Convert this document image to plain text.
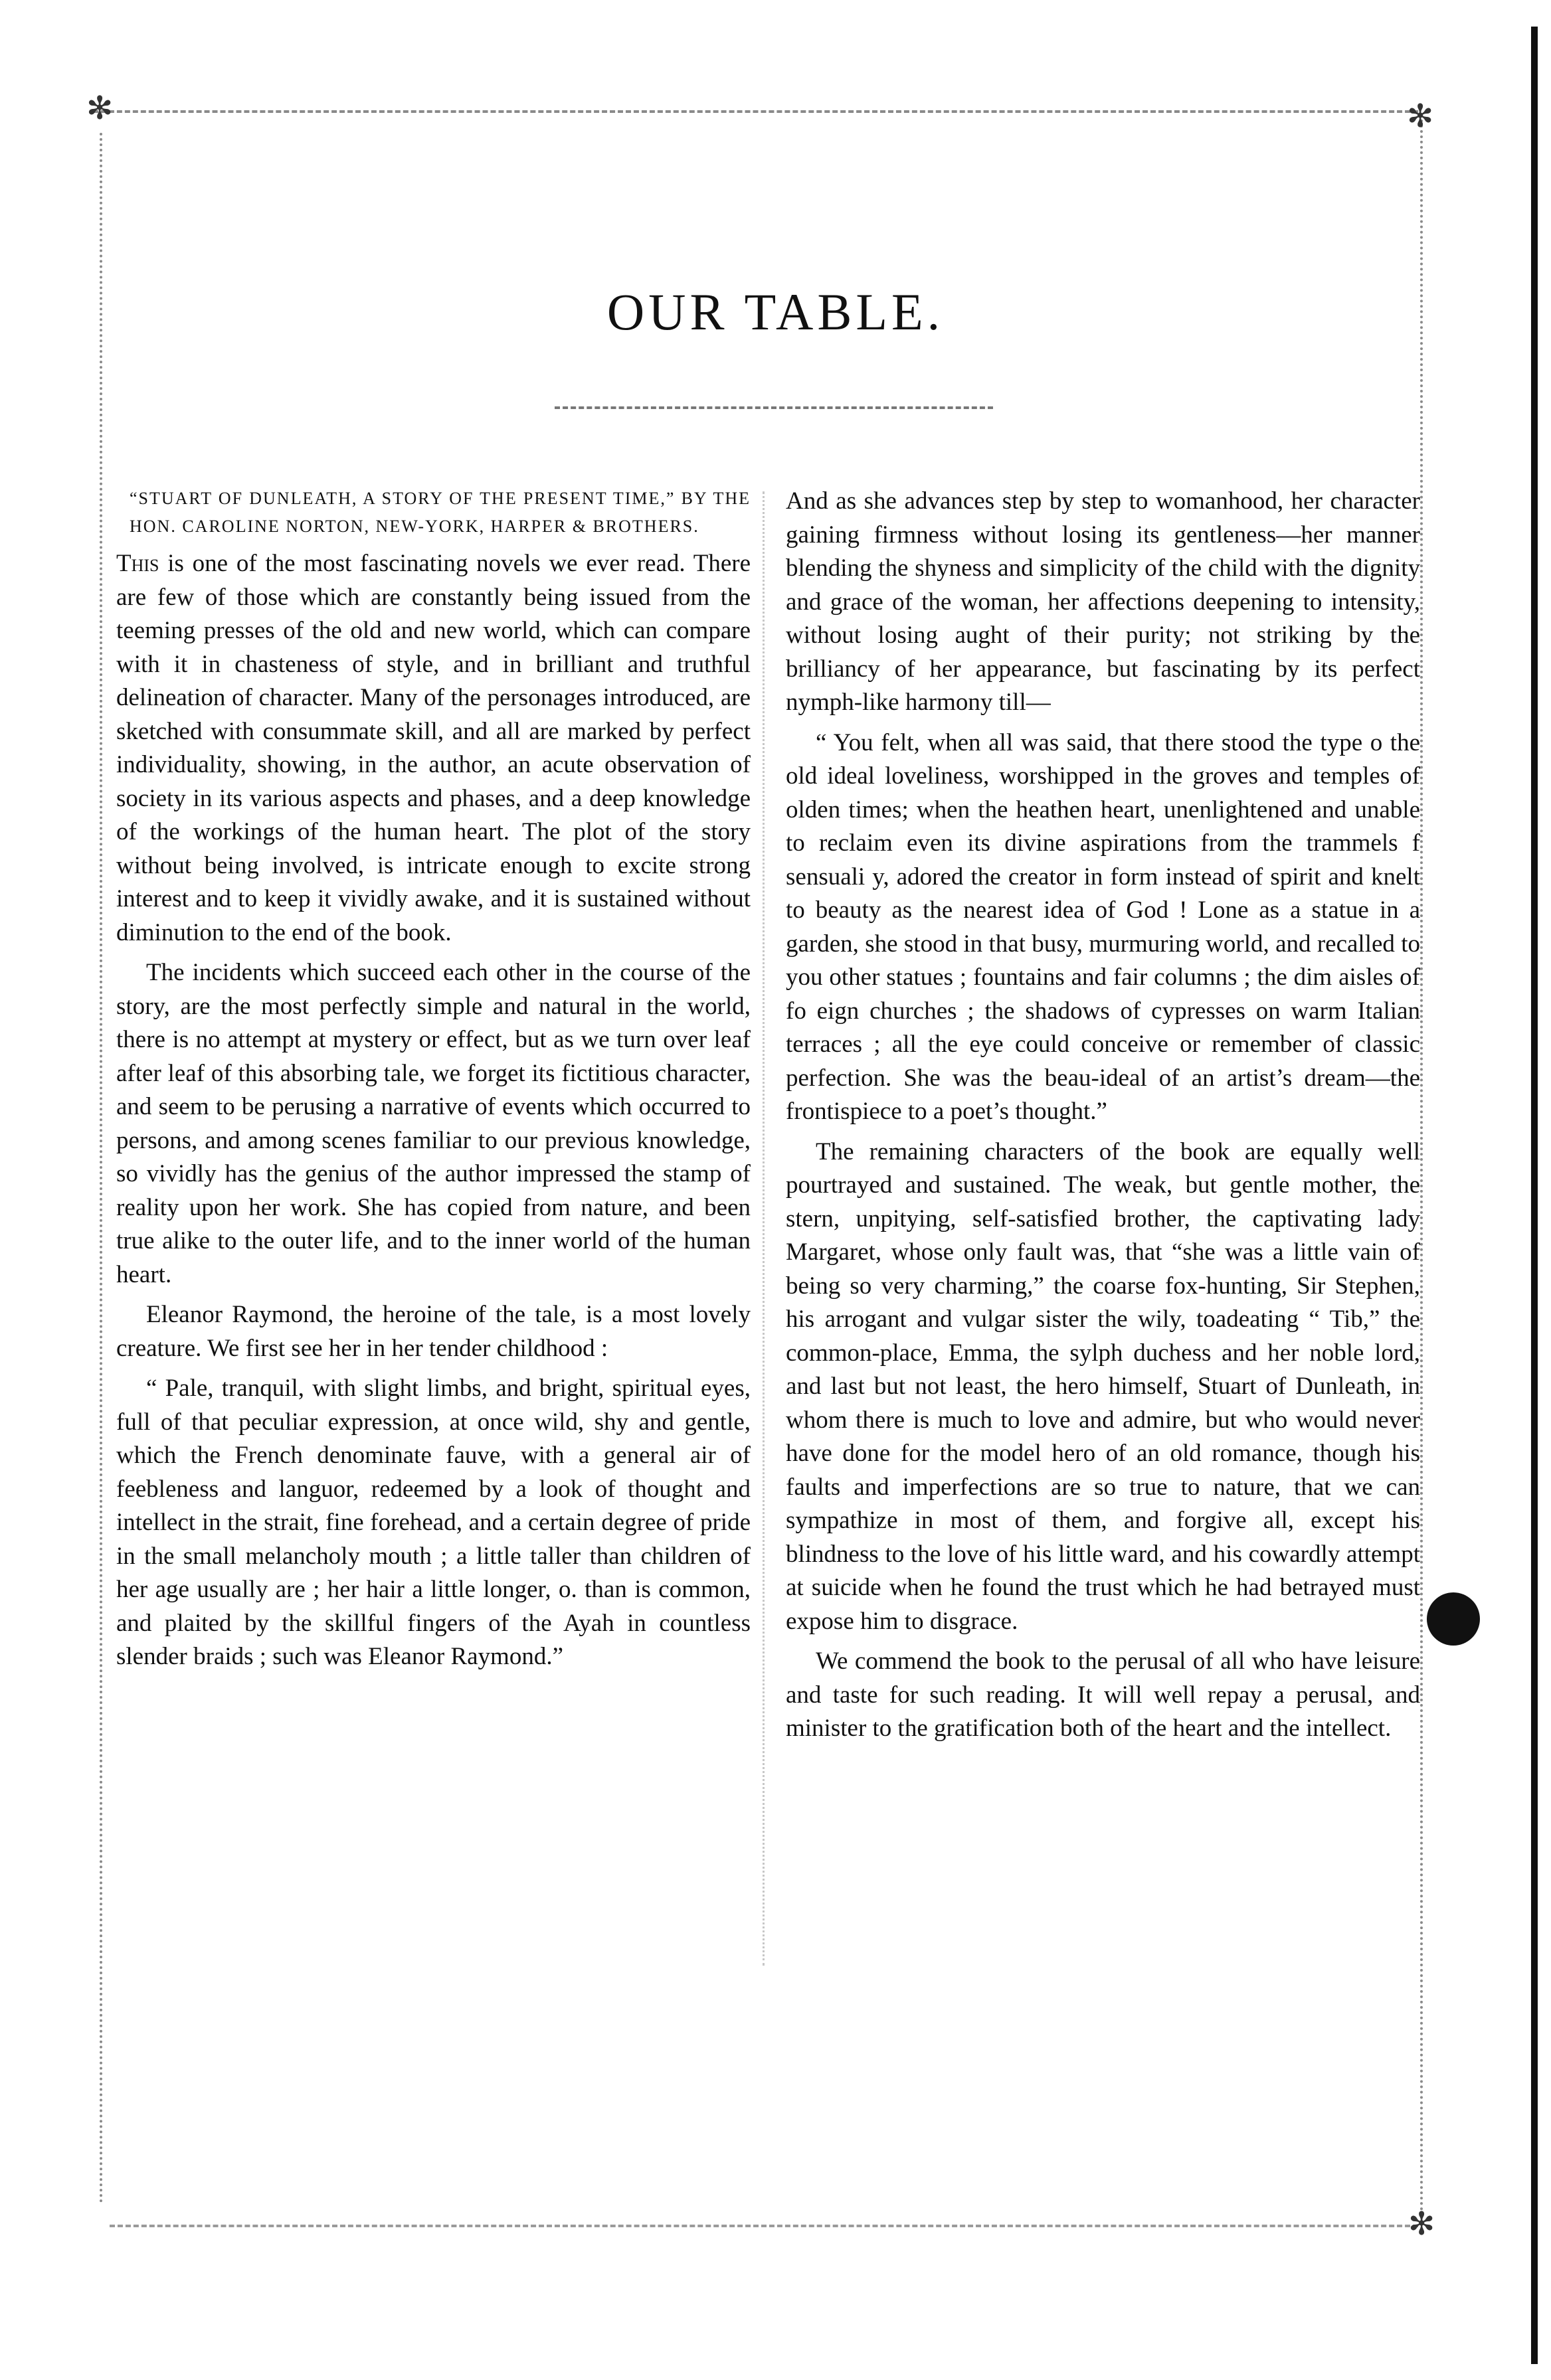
✻	✻
✻
OUR TABLE.

“STUART OF DUNLEATH, A STORY OF THE PRESENT TIME,” BY THE HON. CAROLINE NORTON, NEW-YORK, HARPER & BROTHERS.

This is one of the most fascinating novels we ever read. There are few of those which are constantly being issued from the teeming presses of the old and new world, which can compare with it in chasteness of style, and in brilliant and truthful delineation of character. Many of the personages introduced, are sketched with consummate skill, and all are marked by perfect individuality, showing, in the author, an acute observation of society in its various aspects and phases, and a deep knowledge of the workings of the human heart. The plot of the story without being involved, is intricate enough to excite strong interest and to keep it vividly awake, and it is sustained without diminution to the end of the book.

The incidents which succeed each other in the course of the story, are the most perfectly simple and natural in the world, there is no attempt at mystery or effect, but as we turn over leaf after leaf of this absorbing tale, we forget its fictitious character, and seem to be perusing a narrative of events which occurred to persons, and among scenes familiar to our previous knowledge, so vividly has the genius of the author impressed the stamp of reality upon her work. She has copied from nature, and been true alike to the outer life, and to the inner world of the human heart.

Eleanor Raymond, the heroine of the tale, is a most lovely creature. We first see her in her tender childhood :

“ Pale, tranquil, with slight limbs, and bright, spiritual eyes, full of that peculiar expression, at once wild, shy and gentle, which the French denominate fauve, with a general air of feebleness and languor, redeemed by a look of thought and intellect in the strait, fine forehead, and a certain degree of pride in the small melancholy mouth ; a little taller than children of her age usually are ; her hair a little longer, o. than is common, and plaited by the skillful fingers of the Ayah in countless slender braids ; such was Eleanor Raymond.”

And as she advances step by step to womanhood, her character gaining firmness without losing its gentleness—her manner blending the shyness and simplicity of the child with the dignity and grace of the woman, her affections deepening to intensity, without losing aught of their purity; not striking by the brilliancy of her appearance, but fascinating by its perfect nymph-like harmony till—

“ You felt, when all was said, that there stood the type o the old ideal loveliness, worshipped in the groves and temples of olden times; when the heathen heart, unenlightened and unable to reclaim even its divine aspirations from the trammels f sensuali y, adored the creator in form instead of spirit and knelt to beauty as the nearest idea of God ! Lone as a statue in a garden, she stood in that busy, murmuring world, and recalled to you other statues ; fountains and fair columns ; the dim aisles of fo eign churches ; the shadows of cypresses on warm Italian terraces ; all the eye could conceive or remember of classic perfection. She was the beau-ideal of an artist’s dream—the frontispiece to a poet’s thought.”

The remaining characters of the book are equally well pourtrayed and sustained. The weak, but gentle mother, the stern, unpitying, self-satisfied brother, the captivating lady Margaret, whose only fault was, that “she was a little vain of being so very charming,” the coarse fox-hunting, Sir Stephen, his arrogant and vulgar sister the wily, toadeating “ Tib,” the common-place, Emma, the sylph duchess and her noble lord, and last but not least, the hero himself, Stuart of Dunleath, in whom there is much to love and admire, but who would never have done for the model hero of an old romance, though his faults and imperfections are so true to nature, that we can sympathize in most of them, and forgive all, except his blindness to the love of his little ward, and his cowardly attempt at suicide when he found the trust which he had betrayed must expose him to disgrace.

We commend the book to the perusal of all who have leisure and taste for such reading. It will well repay a perusal, and minister to the gratification both of the heart and the intellect.
